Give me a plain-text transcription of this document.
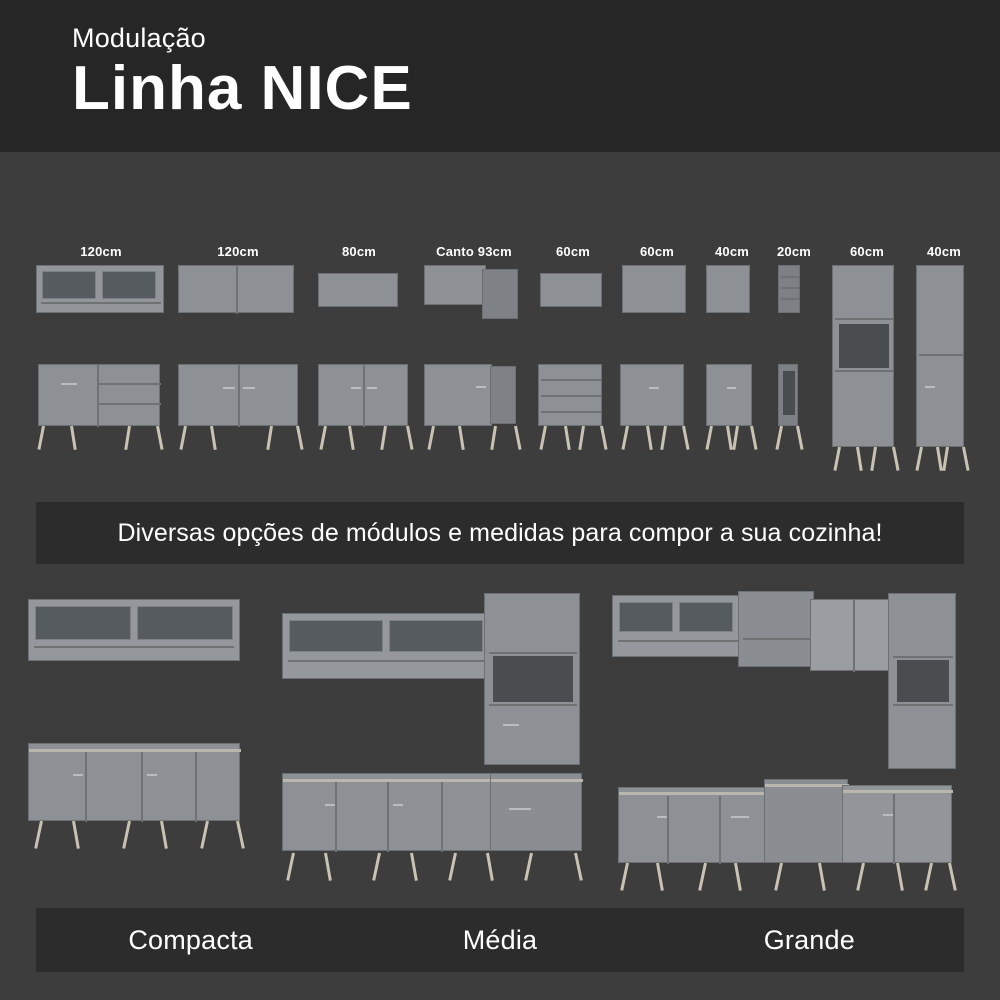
Modulação
Linha NICE
120cm	120cm	80cm	Canto 93cm	60cm	60cm	40cm	20cm	60cm	40cm
Diversas opções de módulos e medidas para compor a sua cozinha!
Compacta	Média	Grande
